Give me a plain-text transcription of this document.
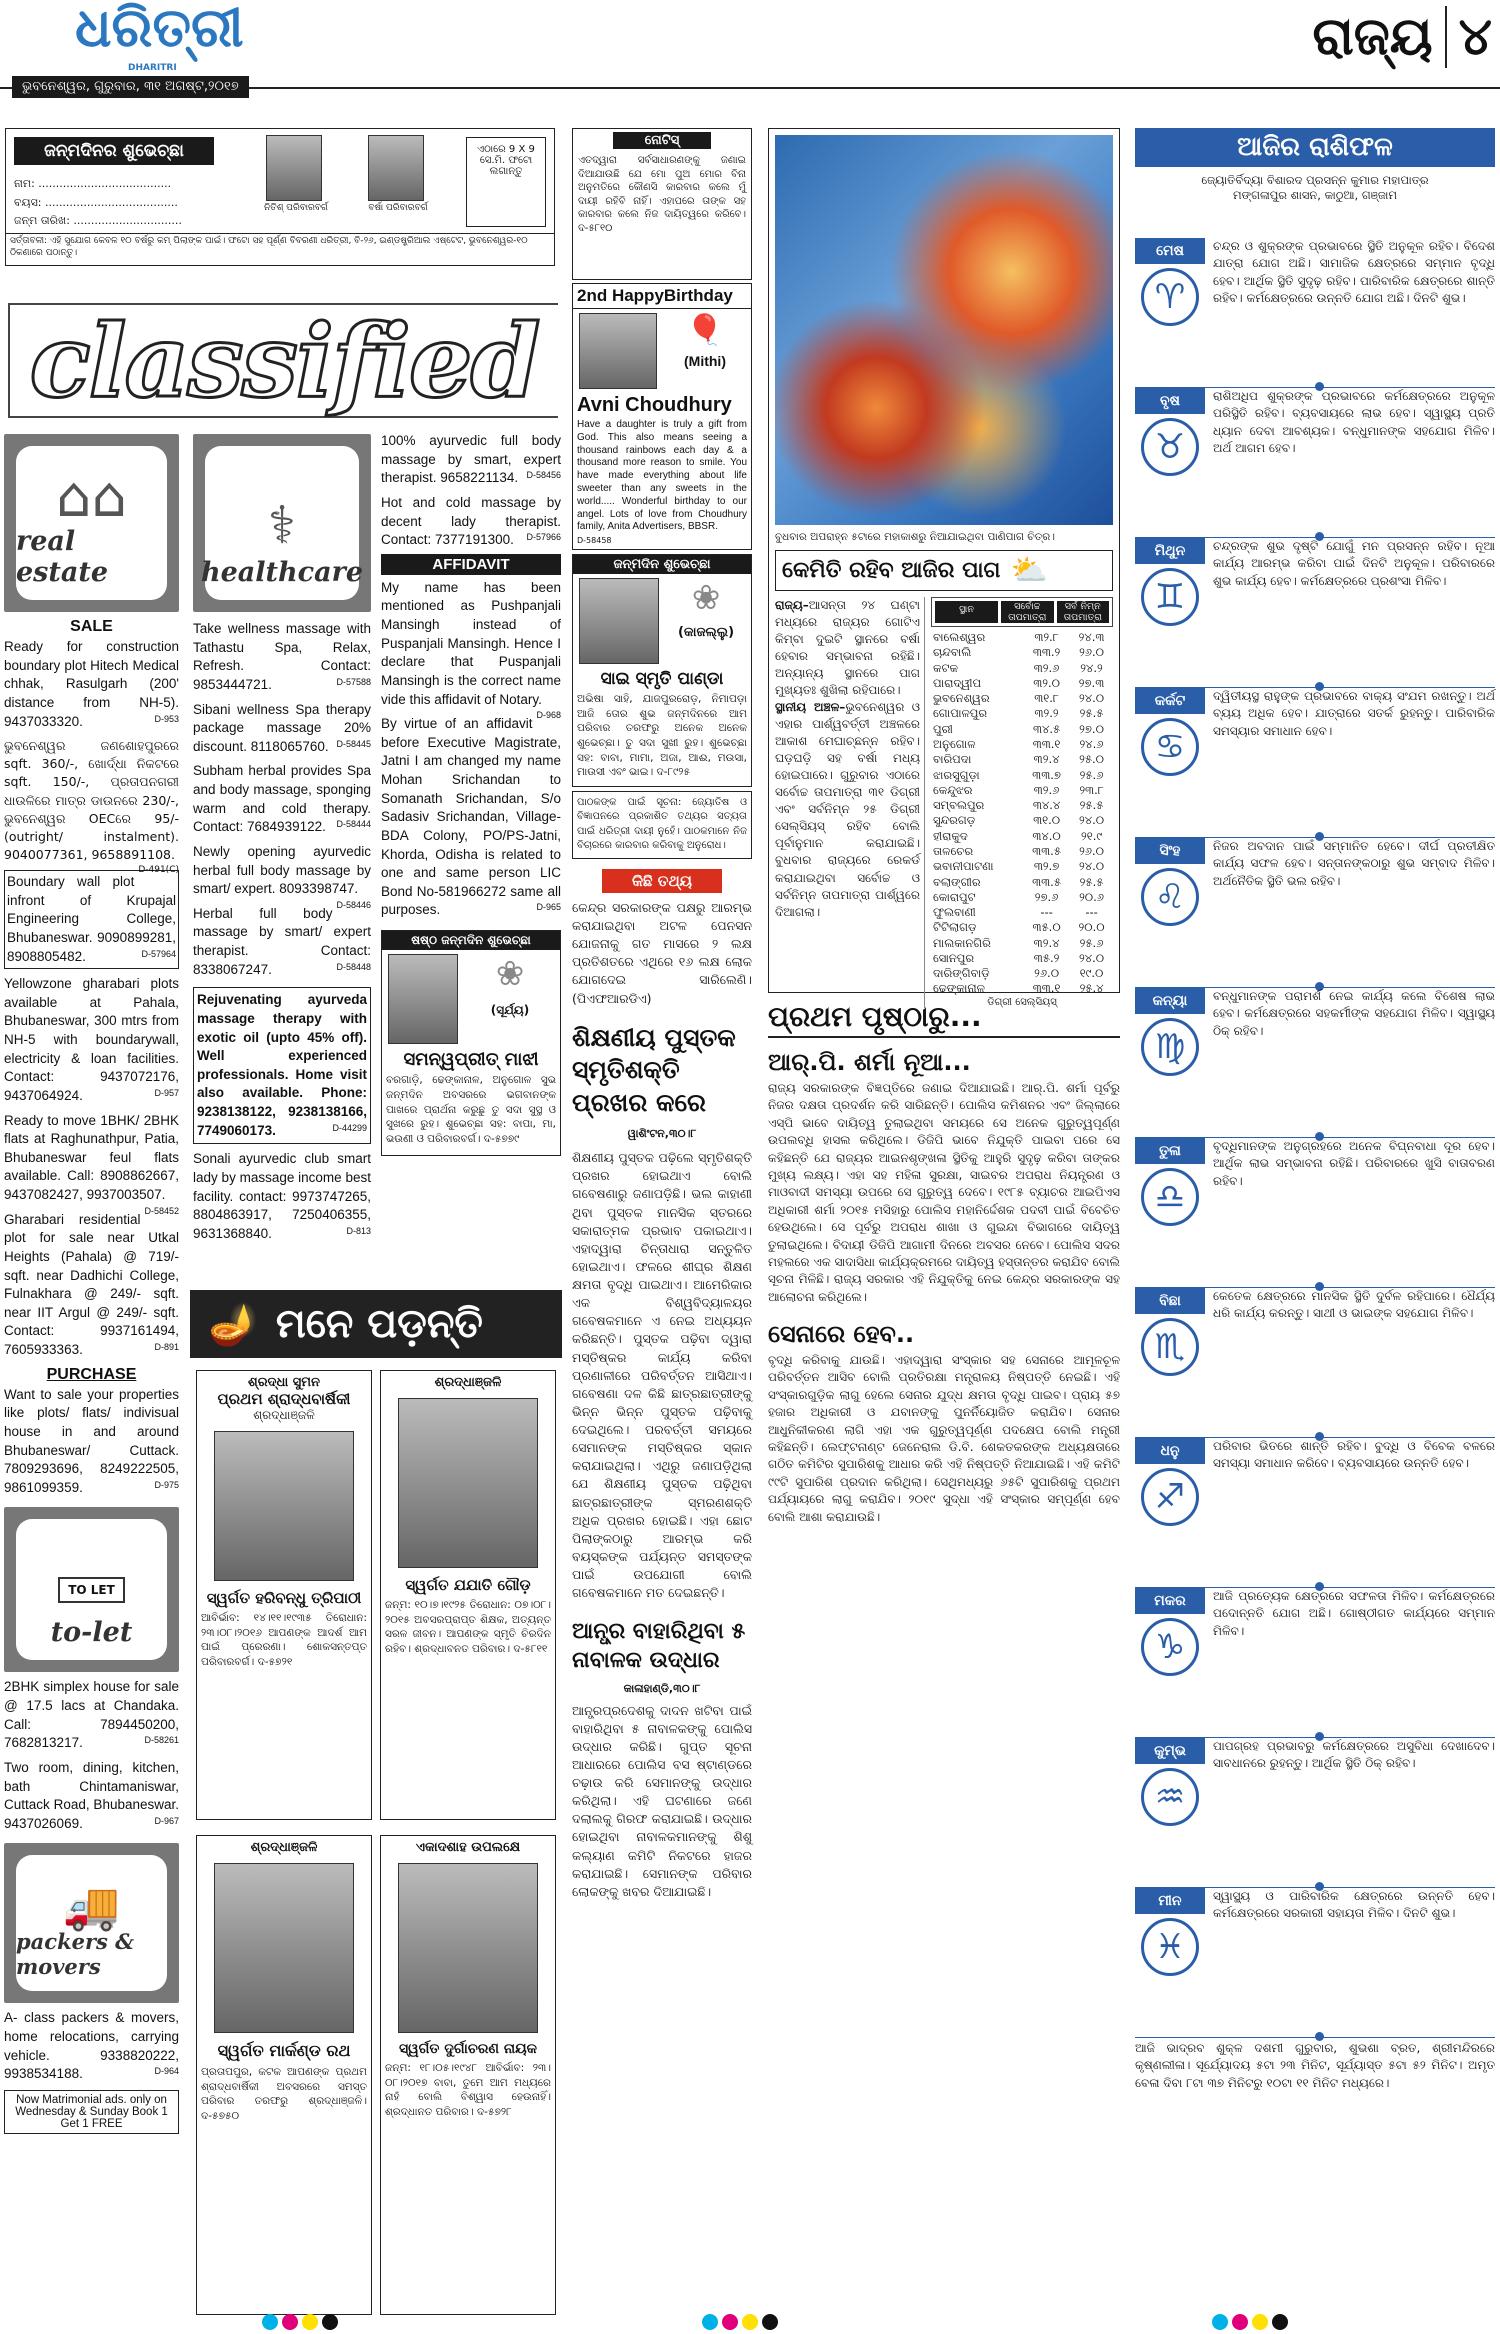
ଧରିତ୍ରୀ
DHARITRI
ଭୁବନେଶ୍ୱର, ଗୁରୁବାର, ୩୧ ଅଗଷ୍ଟ,୨୦୧୭
ରାଜ୍ୟ ୪
ଜନ୍ମଦିନର ଶୁଭେଚ୍ଛା
ନାମ: ......................................
ବୟସ: ......................................
ଜନ୍ମ ତାରିଖ: ...............................
ନିତିଶ୍ ପରିବାରବର୍ଗ	ବର୍ଷା ପରିବାରବର୍ଗ
ଏଠାରେ 9 X 9 ସେ.ମି. ଫଟୋ ଲଗାନ୍ତୁ
ସର୍ତ୍ତାବଳୀ: ଏହି ସୁଯୋଗ କେବଳ ୧୦ ବର୍ଷରୁ କମ୍ ପିଲାଙ୍କ ପାଇଁ। ଫଟୋ ସହ ପୂର୍ଣ୍ଣ ବିବରଣୀ ଧରିତ୍ରୀ, ବି-୨୬, ଇଣ୍ଡଷ୍ଟ୍ରିଆଲ ଏଷ୍ଟେଟ, ଭୁବନେଶ୍ୱର-୧୦ ଠିକଣାରେ ପଠାନ୍ତୁ।
ନୋଟିସ୍
ଏତଦ୍ୱାରା ସର୍ବସାଧାରଣଙ୍କୁ ଜଣାଇ ଦିଆଯାଉଛି ଯେ ମୋ ପୁଅ ମୋର ବିନା ଅନୁମତିରେ କୌଣସି କାରବାର କଲେ ମୁଁ ଦାୟୀ ରହିବି ନାହିଁ। ଏହାପରେ ତାଙ୍କ ସହ କାରବାର କଲେ ନିଜ ଦାୟିତ୍ୱରେ କରିବେ। ଦ-୫୮୧୦
classified
⌂⌂
real estate
SALE
Ready for construction boundary plot Hitech Medical chhak, Rasulgarh (200' distance from NH-5). 9437033320.	D-953
ଭୁବନେଶ୍ୱର ଜଣଶୋହପୁରରେ sqft. 360/-, ଖୋର୍ଦ୍ଧା ନିକଟରେ sqft. 150/-, ପ୍ରତାପନଗରୀ ଧାଉଳିରେ ମାତ୍ର ଡାଉନରେ 230/-, ଭୁବନେଶ୍ୱର OECରେ 95/- (outright/ instalment). 9040077361, 9658891108.
D-491(C)
Boundary wall plot infront of Krupajal Engineering College, Bhubaneswar. 9090899281, 8908805482.	D-57964
Yellowzone gharabari plots available at Pahala, Bhubaneswar, 300 mtrs from NH-5 with boundarywall, electricity & loan facilities. Contact: 9437072176, 9437064924.	D-957
Ready to move 1BHK/ 2BHK flats at Raghunathpur, Patia, Bhubaneswar feul flats available. Call: 8908862667, 9437082427, 9937003507.
D-58452
Gharabari residential plot for sale near Utkal Heights (Pahala) @ 719/- sqft. near Dadhichi College, Fulnakhara @ 249/- sqft. near IIT Argul @ 249/- sqft. Contact: 9937161494, 7605933363.	D-891
PURCHASE
Want to sale your properties like plots/ flats/ indivisual house in and around Bhubaneswar/ Cuttack. 7809293696, 8249222505, 9861099359.	D-975
TO LET
to-let
2BHK simplex house for sale @ 17.5 lacs at Chandaka. Call: 7894450200, 7682813217.	D-58261
Two room, dining, kitchen, bath Chintamaniswar, Cuttack Road, Bhubaneswar. 9437026069.	D-967
🚚
packers & movers
A- class packers & movers, home relocations, carrying vehicle. 9338820222, 9938534188.	D-964
Now Matrimonial ads. only on Wednesday & Sunday Book 1 Get 1 FREE
⚕
healthcare
Take wellness massage with Tathastu Spa, Relax, Refresh. Contact: 9853444721.	D-57588
Sibani wellness Spa therapy package massage 20% discount. 8118065760. D-58445
Subham herbal provides Spa and body massage, sponging warm and cold therapy. Contact: 7684939122. D-58444
Newly opening ayurvedic herbal full body massage by smart/ expert. 8093398747.
D-58446
Herbal full body massage by smart/ expert therapist. Contact: 8338067247.	D-58448
Rejuvenating ayurveda massage therapy with exotic oil (upto 45% off). Well experienced professionals. Home visit also available. Phone: 9238138122, 9238138166, 7749060173.	D-44299
Sonali ayurvedic club smart lady by massage income best facility. contact: 9973747265, 8804863917, 7250406355, 9631368840.	D-813
100% ayurvedic full body massage by smart, expert therapist. 9658221134. D-58456
Hot and cold massage by decent lady therapist. Contact: 7377191300. D-57966
AFFIDAVIT
My name has been mentioned as Pushpanjali Mansingh instead of Puspanjali Mansingh. Hence I declare that Puspanjali Mansingh is the correct name vide this affidavit of Notary.
D-968
By virtue of an affidavit before Executive Magistrate, Jatni I am changed my name Mohan Srichandan to Somanath Srichandan, S/o Sadasiv Srichandan, Village-BDA Colony, PO/PS-Jatni, Khorda, Odisha is related to one and same person LIC Bond No-581966272 same all purposes.	D-965
ଷଷ୍ଠ ଜନ୍ମଦିନ ଶୁଭେଚ୍ଛା
❀
(ସୂର୍ଯ୍ୟ)
ସମନ୍ୱପ୍ରୀତ୍ ମାଝୀ
ବରଗାଡ଼ି, ଢେଙ୍କାନାଳ, ଅନୁଗୋଳ ସୁଭ ଜନ୍ମଦିନ ଅବସରରେ ଭଗବାନଙ୍କ ପାଖରେ ପ୍ରାର୍ଥନା କରୁଛୁ ତୁ ସଦା ସୁସ୍ଥ ଓ ସୁଖରେ ରୁହ। ଶୁଭେଚ୍ଛା ସହ: ବାପା, ମା, ଭଉଣୀ ଓ ପରିବାରବର୍ଗ। ଦ-୫୭୭୯
2nd HappyBirthday
🎈
(Mithi)
Avni Choudhury
Have a daughter is truly a gift from God. This also means seeing a thousand rainbows each day & a thousand more reason to smile. You have made everything about life sweeter than any sweets in the world..... Wonderful birthday to our angel. Lots of love from Choudhury family, Anita Advertisers, BBSR.
D-58458
ଜନ୍ମଦିନ ଶୁଭେଚ୍ଛା
❀
(କାଜଲ୍ଲୁ)
ସାଇ ସ୍ମୃତି ପାଣ୍ଡା
ଅଭିଷା ସାହି, ଯାଜପୁରରୋଡ଼, ନିମାପଡ଼ା ଆଜି ତୋର ଶୁଭ ଜନ୍ମଦିନରେ ଆମ ପରିବାର ତରଫରୁ ଅନେକ ଅନେକ ଶୁଭେଚ୍ଛା। ତୁ ସଦା ସୁଖୀ ରୁହ। ଶୁଭେଚ୍ଛା ସହ: ବାବା, ମାମା, ଅଜା, ଆଈ, ମଉସା, ମାଉସୀ ଏବଂ ଭାଇ। ଦ-୮୯୨୫
ପାଠକଙ୍କ ପାଇଁ ସୂଚନା: ଜ୍ୟୋତିଷ ଓ ବିଜ୍ଞାପନରେ ପ୍ରକାଶିତ ତଥ୍ୟର ସତ୍ୟତା ପାଇଁ ଧରିତ୍ରୀ ଦାୟୀ ନୁହେଁ। ପାଠକମାନେ ନିଜ ବିଚାରରେ କାରବାର କରିବାକୁ ଅନୁରୋଧ।
କିଛି ତଥ୍ୟ
କେନ୍ଦ୍ର ସରକାରଙ୍କ ପକ୍ଷରୁ ଆରମ୍ଭ କରାଯାଇଥିବା ଅଟଳ ପେନସନ ଯୋଜନାକୁ ଗତ ମାସରେ ୨ ଲକ୍ଷ ପ୍ରତିଶତରେ ଏଥିରେ ୧୬ ଲକ୍ଷ ଲୋକ ଯୋଗଦେଇ ସାରିଲେଣି। (ପିଏଫଆରଡିଏ)
ଶିକ୍ଷଣୀୟ ପୁସ୍ତକ ସ୍ମୃତିଶକ୍ତି ପ୍ରଖର କରେ
ୱାଶିଂଟନ,୩୦।୮
ଶିକ୍ଷଣୀୟ ପୁସ୍ତକ ପଢ଼ିଲେ ସ୍ମୃତିଶକ୍ତି ପ୍ରଖର ହୋଇଥାଏ ବୋଲି ଗବେଷଣାରୁ ଜଣାପଡ଼ିଛି। ଭଲ କାହାଣୀ ଥିବା ପୁସ୍ତକ ମାନସିକ ସ୍ତରରେ ସକାରାତ୍ମକ ପ୍ରଭାବ ପକାଇଥାଏ। ଏହାଦ୍ୱାରା ଚିନ୍ତାଧାରା ସନ୍ତୁଳିତ ହୋଇଥାଏ। ଫଳରେ ଶୀଘ୍ର ଶିକ୍ଷଣ କ୍ଷମତା ବୃଦ୍ଧି ପାଇଥାଏ। ଆମେରିକାର ଏକ ବିଶ୍ୱବିଦ୍ୟାଳୟର ଗବେଷକମାନେ ଏ ନେଇ ଅଧ୍ୟୟନ କରିଛନ୍ତି। ପୁସ୍ତକ ପଢ଼ିବା ଦ୍ୱାରା ମସ୍ତିଷ୍କର କାର୍ଯ୍ୟ କରିବା ପ୍ରଣାଳୀରେ ପରିବର୍ତ୍ତନ ଆସିଥାଏ। ଗବେଷଣା ଦଳ କିଛି ଛାତ୍ରଛାତ୍ରୀଙ୍କୁ ଭିନ୍ନ ଭିନ୍ନ ପୁସ୍ତକ ପଢ଼ିବାକୁ ଦେଇଥିଲେ। ପରବର୍ତ୍ତୀ ସମୟରେ ସେମାନଙ୍କ ମସ୍ତିଷ୍କର ସ୍କାନ କରାଯାଇଥିଲା। ଏଥିରୁ ଜଣାପଡ଼ିଥିଲା ଯେ ଶିକ୍ଷଣୀୟ ପୁସ୍ତକ ପଢ଼ିଥିବା ଛାତ୍ରଛାତ୍ରୀଙ୍କ ସ୍ମରଣଶକ୍ତି ଅଧିକ ପ୍ରଖର ହୋଇଛି। ଏହା ଛୋଟ ପିଲାଙ୍କଠାରୁ ଆରମ୍ଭ କରି ବୟସ୍କଙ୍କ ପର୍ଯ୍ୟନ୍ତ ସମସ୍ତଙ୍କ ପାଇଁ ଉପଯୋଗୀ ବୋଲି ଗବେଷକମାନେ ମତ ଦେଇଛନ୍ତି।
ଆନ୍ଧ୍ର ବାହାରିଥିବା ୫ ନାବାଳକ ଉଦ୍ଧାର
କାଳାହାଣ୍ଡି,୩୦।୮
ଆନ୍ଧ୍ରପ୍ରଦେଶକୁ ଦାଦନ ଖଟିବା ପାଇଁ ବାହାରିଥିବା ୫ ନାବାଳକଙ୍କୁ ପୋଲିସ ଉଦ୍ଧାର କରିଛି। ଗୁପ୍ତ ସୂଚନା ଆଧାରରେ ପୋଲିସ ବସ ଷ୍ଟାଣ୍ଡରେ ଚଢ଼ାଉ କରି ସେମାନଙ୍କୁ ଉଦ୍ଧାର କରିଥିଲା। ଏହି ଘଟଣାରେ ଜଣେ ଦଲାଲକୁ ଗିରଫ କରାଯାଇଛି। ଉଦ୍ଧାର ହୋଇଥିବା ନାବାଳକମାନଙ୍କୁ ଶିଶୁ କଲ୍ୟାଣ କମିଟି ନିକଟରେ ହାଜର କରାଯାଇଛି। ସେମାନଙ୍କ ପରିବାର ଲୋକଙ୍କୁ ଖବର ଦିଆଯାଇଛି।
🪔 ମନେ ପଡ଼ନ୍ତି
ଶ୍ରଦ୍ଧା ସୁମନ
ପ୍ରଥମ ଶ୍ରାଦ୍ଧବାର୍ଷିକୀ
ଶ୍ରଦ୍ଧାଞ୍ଜଳି
ସ୍ୱର୍ଗତ ହରିବନ୍ଧୁ ତ୍ରିପାଠୀ
ଆବିର୍ଭାବ: ୧୪।୧୧।୧୯୩୫ ତିରୋଧାନ: ୨୩।୦୮।୨୦୧୬ ଆପଣଙ୍କ ଆଦର୍ଶ ଆମ ପାଇଁ ପ୍ରେରଣା। ଶୋକସନ୍ତପ୍ତ ପରିବାରବର୍ଗ। ଦ-୫୭୨୧
ଶ୍ରଦ୍ଧାଞ୍ଜଳି
ସ୍ୱର୍ଗତ ଯଯାତି ଗୌଡ଼
ଜନ୍ମ: ୧୦।୭।୧୯୨୫ ତିରୋଧାନ: ୦୭।୦୮।୨୦୧୫ ଅବସରପ୍ରାପ୍ତ ଶିକ୍ଷକ, ଅତ୍ୟନ୍ତ ସରଳ ଜୀବନ। ଆପଣଙ୍କ ସ୍ମୃତି ଚିରଦିନ ରହିବ। ଶ୍ରଦ୍ଧାବନତ ପରିବାର। ଦ-୫୮୧୧
ଶ୍ରଦ୍ଧାଞ୍ଜଳି
ସ୍ୱର୍ଗତ ମାର୍କଣ୍ଡ ରଥ
ପ୍ରତାପପୁର, କଟକ ଆପଣଙ୍କ ପ୍ରଥମ ଶ୍ରାଦ୍ଧବାର୍ଷିକୀ ଅବସରରେ ସମସ୍ତ ପରିବାର ତରଫରୁ ଶ୍ରଦ୍ଧାଞ୍ଜଳି। ଦ-୫୭୫୦
ଏକାଦଶାହ ଉପଲକ୍ଷେ
ସ୍ୱର୍ଗତ ଦୁର୍ଗାଚରଣ ନାୟକ
ଜନ୍ମ: ୧୮।୦୫।୧୯୪୮ ଆବିର୍ଭାବ: ୨୩।୦୮।୨୦୧୭ ବାବା, ତୁମେ ଆମ ମଧ୍ୟରେ ନାହଁ ବୋଲି ବିଶ୍ୱାସ ହେଉନାହିଁ। ଶ୍ରଦ୍ଧାନତ ପରିବାର। ଦ-୫୭୨୮
ବୁଧବାର ଅପରାହ୍ନ ୫ଟାରେ ମହାକାଶରୁ ନିଆଯାଇଥିବା ପାଣିପାଗ ଚିତ୍ର।
କେମିତି ରହିବ ଆଜିର ପାଗ ⛅
ରାଜ୍ୟ–ଆସନ୍ତା ୨୪ ଘଣ୍ଟା ମଧ୍ୟରେ ରାଜ୍ୟର ଗୋଟିଏ କିମ୍ବା ଦୁଇଟି ସ୍ଥାନରେ ବର୍ଷା ହେବାର ସମ୍ଭାବନା ରହିଛି। ଅନ୍ୟାନ୍ୟ ସ୍ଥାନରେ ପାଗ ମୁଖ୍ୟତଃ ଶୁଖିଲା ରହିପାରେ।
ସ୍ଥାନୀୟ ଅଞ୍ଚଳ–ଭୁବନେଶ୍ୱର ଓ ଏହାର ପାର୍ଶ୍ୱବର୍ତ୍ତୀ ଅଞ୍ଚଳରେ ଆକାଶ ମେଘାଚ୍ଛନ୍ନ ରହିବ। ଘଡ଼ଘଡ଼ି ସହ ବର୍ଷା ମଧ୍ୟ ହୋଇପାରେ। ଗୁରୁବାର ଏଠାରେ ସର୍ବୋଚ୍ଚ ତାପମାତ୍ରା ୩୧ ଡିଗ୍ରୀ ଏବଂ ସର୍ବନିମ୍ନ ୨୫ ଡିଗ୍ରୀ ସେଲ୍‌ସିୟସ୍ ରହିବ ବୋଲି ପୂର୍ବାନୁମାନ କରାଯାଇଛି। ବୁଧବାର ରାଜ୍ୟରେ ରେକର୍ଡ କରାଯାଇଥିବା ସର୍ବୋଚ୍ଚ ଓ ସର୍ବନିମ୍ନ ତାପମାତ୍ରା ପାର୍ଶ୍ୱରେ ଦିଆଗଲା।
ସ୍ଥାନ	ସର୍ବୋଚ୍ଚ ତାପମାତ୍ରା
ସର୍ବ ନିମ୍ନ ତାପମାତ୍ରା
ବାଲେଶ୍ୱର	୩୨.୮	୨୪.୩
ଚାନ୍ଦବାଲି	୩୩.୨	୨୬.୦
କଟକ	୩୨.୬	୨୪.୨
ପାରାଦ୍ୱୀପ	୩୨.୦	୨୭.୩
ଭୁବନେଶ୍ୱର	୩୧.୮	୨୪.୦
ଗୋପାଳପୁର	୩୨.୨	୨୫.୫
ପୁରୀ	୩୪.୫	୨୭.୦
ଅନୁଗୋଳ	୩୩.୧	୨୪.୬
ବାରିପଦା	୩୨.୪	୨୫.୦
ଝାରସୁଗୁଡ଼ା	୩୩.୭	୨୫.୬
କେନ୍ଦୁଝର	୩୨.୬	୨୩.୮
ସମ୍ବଲପୁର	୩୪.୪	୨୫.୫
ସୁନ୍ଦରଗଡ଼	୩୧.୦	୨୪.୦
ହୀରାକୁଦ	୩୪.୦	୨୧.୯
ତାଳଚେର	୩୩.୫	୨୬.୦
ଭବାନୀପାଟଣା	୩୨.୭	୨୪.୦
ବଲାଙ୍ଗୀର	୩୩.୫	୨୫.୫
କୋରାପୁଟ	୨୭.୬	୨୦.୬
ଫୁଲବାଣୀ	---	---
ଟିଟିଲାଗଡ଼	୩୫.୦	୨୦.୦
ମାଲକାନଗିରି	୩୨.୪	୨୫.୬
ସୋନପୁର	୩୫.୨	୨୪.୦
ଦାରିଙ୍ଗିବାଡ଼ି	୨୬.୦	୧୯.୦
ଢେଙ୍କାନାଳ	୩୩.୧	୨୫.୪
ଡିଗ୍ରୀ ସେଲ୍‌ସିୟସ୍
ପ୍ରଥମ ପୃଷ୍ଠାରୁ...
ଆର୍.ପି. ଶର୍ମା ନୂଆ...
ରାଜ୍ୟ ସରକାରଙ୍କ ବିଜ୍ଞପ୍ତିରେ ଜଣାଇ ଦିଆଯାଇଛି। ଆର୍.ପି. ଶର୍ମା ପୂର୍ବରୁ ନିଜର ଦକ୍ଷତା ପ୍ରଦର୍ଶନ କରି ସାରିଛନ୍ତି। ପୋଲିସ କମିଶନର ଏବଂ ଜିଲ୍ଲାରେ ଏସ୍‌ପି ଭାବେ ଦାୟିତ୍ୱ ତୁଲାଇଥିବା ସମୟରେ ସେ ଅନେକ ଗୁରୁତ୍ୱପୂର୍ଣ୍ଣ ଉପଲବ୍ଧି ହାସଲ କରିଥିଲେ। ଡିଜିପି ଭାବେ ନିଯୁକ୍ତି ପାଇବା ପରେ ସେ କହିଛନ୍ତି ଯେ ରାଜ୍ୟର ଆଇନଶୃଙ୍ଖଳା ସ୍ଥିତିକୁ ଆହୁରି ସୁଦୃଢ଼ କରିବା ତାଙ୍କର ମୁଖ୍ୟ ଲକ୍ଷ୍ୟ। ଏହା ସହ ମହିଳା ସୁରକ୍ଷା, ସାଇବର ଅପରାଧ ନିୟନ୍ତ୍ରଣ ଓ ମାଓବାଦୀ ସମସ୍ୟା ଉପରେ ସେ ଗୁରୁତ୍ୱ ଦେବେ। ୧୯୮୫ ବ୍ୟାଚର ଆଇପିଏସ ଅଧିକାରୀ ଶର୍ମା ୨୦୧୫ ମସିହାରୁ ପୋଲିସ ମହାନିର୍ଦ୍ଦେଶକ ପଦବୀ ପାଇଁ ବିବେଚିତ ହେଉଥିଲେ। ସେ ପୂର୍ବରୁ ଅପରାଧ ଶାଖା ଓ ଗୁଇନ୍ଦା ବିଭାଗରେ ଦାୟିତ୍ୱ ତୁଲାଇଥିଲେ। ବିଦାୟୀ ଡିଜିପି ଆଗାମୀ ଦିନରେ ଅବସର ନେବେ। ପୋଲିସ ସଦର ମହଲରେ ଏକ ସାଦାସିଧା କାର୍ଯ୍ୟକ୍ରମରେ ଦାୟିତ୍ୱ ହସ୍ତାନ୍ତର କରାଯିବ ବୋଲି ସୂଚନା ମିଳିଛି। ରାଜ୍ୟ ସରକାର ଏହି ନିଯୁକ୍ତିକୁ ନେଇ କେନ୍ଦ୍ର ସରକାରଙ୍କ ସହ ଆଲୋଚନା କରିଥିଲେ।
ସେନାରେ ହେବ..
ବୃଦ୍ଧି କରିବାକୁ ଯାଉଛି। ଏହାଦ୍ୱାରା ସଂସ୍କାର ସହ ସେନାରେ ଆମୂଳଚୂଳ ପରିବର୍ତ୍ତନ ଆସିବ ବୋଲି ପ୍ରତିରକ୍ଷା ମନ୍ତ୍ରାଳୟ ନିଷ୍ପତ୍ତି ନେଇଛି। ଏହି ସଂସ୍କାରଗୁଡ଼ିକ ଲାଗୁ ହେଲେ ସେନାର ଯୁଦ୍ଧ କ୍ଷମତା ବୃଦ୍ଧି ପାଇବ। ପ୍ରାୟ ୫୭ ହଜାର ଅଧିକାରୀ ଓ ଯବାନଙ୍କୁ ପୁନର୍ନିୟୋଜିତ କରାଯିବ। ସେନାର ଆଧୁନିକୀକରଣ ଲାଗି ଏହା ଏକ ଗୁରୁତ୍ୱପୂର୍ଣ୍ଣ ପଦକ୍ଷେପ ବୋଲି ମନ୍ତ୍ରୀ କହିଛନ୍ତି। ଲେଫ୍‌ଟନାଣ୍ଟ ଜେନେରାଲ ଡି.ବି. ଶେକତକରଙ୍କ ଅଧ୍ୟକ୍ଷତାରେ ଗଠିତ କମିଟିର ସୁପାରିଶକୁ ଆଧାର କରି ଏହି ନିଷ୍ପତ୍ତି ନିଆଯାଇଛି। ଏହି କମିଟି ୯୯ଟି ସୁପାରିଶ ପ୍ରଦାନ କରିଥିଲା। ସେଥିମଧ୍ୟରୁ ୬୫ଟି ସୁପାରିଶକୁ ପ୍ରଥମ ପର୍ଯ୍ୟାୟରେ ଲାଗୁ କରାଯିବ। ୨୦୧୯ ସୁଦ୍ଧା ଏହି ସଂସ୍କାର ସମ୍ପୂର୍ଣ୍ଣ ହେବ ବୋଲି ଆଶା କରାଯାଉଛି।
ଆଜିର ରାଶିଫଳ
ଜ୍ୟୋତିର୍ବିଦ୍ୟା ବିଶାରଦ ପ୍ରସନ୍ନ କୁମାର ମହାପାତ୍ର
ମଙ୍ଗଳାପୁର ଶାସନ, କାଠୁଆ, ଗଞ୍ଜାମ
ମେଷ
♈
ଚନ୍ଦ୍ର ଓ ଶୁକ୍ରଙ୍କ ପ୍ରଭାବରେ ସ୍ଥିତି ଅନୁକୂଳ ରହିବ। ବିଦେଶ ଯାତ୍ରା ଯୋଗ ଅଛି। ସାମାଜିକ କ୍ଷେତ୍ରରେ ସମ୍ମାନ ବୃଦ୍ଧି ହେବ। ଆର୍ଥିକ ସ୍ଥିତି ସୁଦୃଢ଼ ରହିବ। ପାରିବାରିକ କ୍ଷେତ୍ରରେ ଶାନ୍ତି ରହିବ। କର୍ମକ୍ଷେତ୍ରରେ ଉନ୍ନତି ଯୋଗ ଅଛି। ଦିନଟି ଶୁଭ।
ବୃଷ
♉
ରାଶିଅଧିପ ଶୁକ୍ରଙ୍କ ପ୍ରଭାବରେ କର୍ମକ୍ଷେତ୍ରରେ ଅନୁକୂଳ ପରିସ୍ଥିତି ରହିବ। ବ୍ୟବସାୟରେ ଲାଭ ହେବ। ସ୍ୱାସ୍ଥ୍ୟ ପ୍ରତି ଧ୍ୟାନ ଦେବା ଆବଶ୍ୟକ। ବନ୍ଧୁମାନଙ୍କ ସହଯୋଗ ମିଳିବ। ଅର୍ଥ ଆଗମ ହେବ।
ମିଥୁନ
♊
ଚନ୍ଦ୍ରଙ୍କ ଶୁଭ ଦୃଷ୍ଟି ଯୋଗୁଁ ମନ ପ୍ରସନ୍ନ ରହିବ। ନୂଆ କାର୍ଯ୍ୟ ଆରମ୍ଭ କରିବା ପାଇଁ ଦିନଟି ଅନୁକୂଳ। ପରିବାରରେ ଶୁଭ କାର୍ଯ୍ୟ ହେବ। କର୍ମକ୍ଷେତ୍ରରେ ପ୍ରଶଂସା ମିଳିବ।
କର୍କଟ
♋
ଦ୍ୱିତୀୟସ୍ଥ ରାହୁଙ୍କ ପ୍ରଭାବରେ ବାକ୍ୟ ସଂଯମ ରଖନ୍ତୁ। ଅର୍ଥ ବ୍ୟୟ ଅଧିକ ହେବ। ଯାତ୍ରାରେ ସତର୍କ ରୁହନ୍ତୁ। ପାରିବାରିକ ସମସ୍ୟାର ସମାଧାନ ହେବ।
ସିଂହ
♌
ନିଜର ଅବଦାନ ପାଇଁ ସମ୍ମାନିତ ହେବେ। ଦୀର୍ଘ ପ୍ରତୀକ୍ଷିତ କାର୍ଯ୍ୟ ସଫଳ ହେବ। ସନ୍ତାନଙ୍କଠାରୁ ଶୁଭ ସମ୍ବାଦ ମିଳିବ। ଅର୍ଥନୈତିକ ସ୍ଥିତି ଭଲ ରହିବ।
କନ୍ୟା
♍
ବନ୍ଧୁମାନଙ୍କ ପରାମର୍ଶ ନେଇ କାର୍ଯ୍ୟ କଲେ ବିଶେଷ ଲାଭ ହେବ। କର୍ମକ୍ଷେତ୍ରରେ ସହକର୍ମୀଙ୍କ ସହଯୋଗ ମିଳିବ। ସ୍ୱାସ୍ଥ୍ୟ ଠିକ୍ ରହିବ।
ତୁଳା
♎
ବୃଦ୍ଧିମାନଙ୍କ ଅନୁଗ୍ରହରେ ଅନେକ ବିଘ୍ନବାଧା ଦୂର ହେବ। ଆର୍ଥିକ ଲାଭ ସମ୍ଭାବନା ରହିଛି। ପରିବାରରେ ଖୁସି ବାତାବରଣ ରହିବ।
ବିଛା
♏
କେତେକ କ୍ଷେତ୍ରରେ ମାନସିକ ସ୍ଥିତି ଦୁର୍ବଳ ରହିପାରେ। ଧୈର୍ଯ୍ୟ ଧରି କାର୍ଯ୍ୟ କରନ୍ତୁ। ସାଥୀ ଓ ଭାଇଙ୍କ ସହଯୋଗ ମିଳିବ।
ଧନୁ
♐
ପରିବାର ଭିତରେ ଶାନ୍ତି ରହିବ। ବୁଦ୍ଧି ଓ ବିବେକ ବଳରେ ସମସ୍ୟା ସମାଧାନ କରିବେ। ବ୍ୟବସାୟରେ ଉନ୍ନତି ହେବ।
ମକର
♑
ଆଜି ପ୍ରତ୍ୟେକ କ୍ଷେତ୍ରରେ ସଫଳତା ମିଳିବ। କର୍ମକ୍ଷେତ୍ରରେ ପଦୋନ୍ନତି ଯୋଗ ଅଛି। ଗୋଷ୍ଠୀଗତ କାର୍ଯ୍ୟରେ ସମ୍ମାନ ମିଳିବ।
କୁମ୍ଭ
♒
ପାପଗ୍ରହ ପ୍ରଭାବରୁ କର୍ମକ୍ଷେତ୍ରରେ ଅସୁବିଧା ଦେଖାଦେବ। ସାବଧାନରେ ରୁହନ୍ତୁ। ଆର୍ଥିକ ସ୍ଥିତି ଠିକ୍ ରହିବ।
ମୀନ
♓
ସ୍ୱାସ୍ଥ୍ୟ ଓ ପାରିବାରିକ କ୍ଷେତ୍ରରେ ଉନ୍ନତି ହେବ। କର୍ମକ୍ଷେତ୍ରରେ ସରକାରୀ ସହାୟତା ମିଳିବ। ଦିନଟି ଶୁଭ।
ଆଜି ଭାଦ୍ରବ ଶୁକ୍ଳ ଦଶମୀ ଗୁରୁବାର, ଶୁଭଶା ବ୍ରତ, ଶ୍ରୀମନ୍ଦିରରେ କୃଷ୍ଣଲୀଳା। ସୂର୍ଯ୍ୟୋଦୟ ୫ଟା ୨୩ ମିନିଟ, ସୂର୍ଯ୍ୟାସ୍ତ ୫ଟା ୫୨ ମିନିଟ। ଅମୃତ ବେଳା ଦିବା ୮ଟା ୩୭ ମିନିଟରୁ ୧୦ଟା ୧୧ ମିନିଟ ମଧ୍ୟରେ।
